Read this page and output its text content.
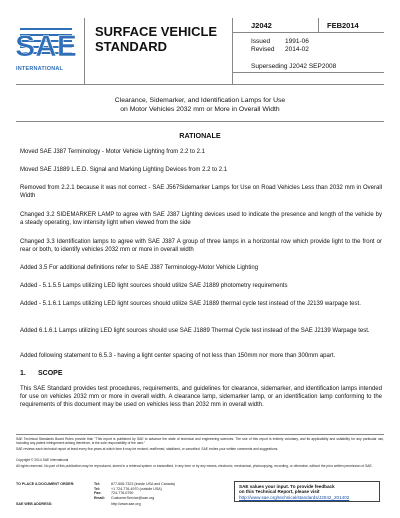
SAE
INTERNATIONAL
SURFACE VEHICLE
STANDARD
J2042	FEB2014
Issued 1991-06
Revised 2014-02
Superseding J2042 SEP2008
Clearance, Sidemarker, and Identification Lamps for Use
on Motor Vehicles 2032 mm or More in Overall Width
RATIONALE
Moved SAE J387 Terminology - Motor Vehicle Lighting from 2.2 to 2.1
Moved SAE J1889 L.E.D. Signal and Marking Lighting Devices from 2.2 to 2.1
Removed from 2.2.1 because it was not correct - SAE J567Sidemarker Lamps for Use on Road Vehicles Less than 2032 mm in Overall Width
Changed 3.2 SIDEMARKER LAMP to agree with SAE J387 Lighting devices used to indicate the presence and length of the vehicle by a steady operating, low intensity light when viewed from the side
Changed 3.3 Identification lamps to agree with SAE J387 A group of three lamps in a horizontal row which provide light to the front or rear or both, to identify vehicles 2032 mm or more in overall width
Added 3.5 For additional definitions refer to SAE J387 Terminology-Motor Vehicle Lighting
Added - 5.1.5.5 Lamps utilizing LED light sources should utilize SAE J1889 photometry requirements
Added - 5.1.6.1 Lamps utilizing LED light sources should utilize SAE J1889 thermal cycle test instead of the J2139 warpage test.
Added 6.1.6.1 Lamps utilizing LED light sources should use SAE J1889 Thermal Cycle test instead of the SAE J2139 Warpage test.
Added following statement to 6.5.3 - having a light center spacing of not less than 150mm nor more than 300mm apart.
1. SCOPE
This SAE Standard provides test procedures, requirements, and guidelines for clearance, sidemarker, and identification lamps intended for use on vehicles 2032 mm or more in overall width. A clearance lamp, sidemarker lamp, or an identification lamp conforming to the requirements of this document may be used on vehicles less than 2032 mm in overall width.
SAE Technical Standards Board Rules provide that: "This report is published by SAE to advance the state of technical and engineering sciences. The use of this report is entirely voluntary, and its applicability and suitability for any particular use, including any patent infringement arising therefrom, is the sole responsibility of the user."
SAE reviews each technical report at least every five years at which time it may be revised, reaffirmed, stabilized, or cancelled. SAE invites your written comments and suggestions.
Copyright © 2014 SAE International
All rights reserved. No part of this publication may be reproduced, stored in a retrieval system or transmitted, in any form or by any means, electronic, mechanical, photocopying, recording, or otherwise, without the prior written permission of SAE.
TO PLACE A DOCUMENT ORDER:	Tel:	877-606-7323 (inside USA and Canada)
Tel:	+1 724-776-4970 (outside USA)
Fax:	724-776-0790
Email: CustomerService@sae.org
SAE WEB ADDRESS:	http://www.sae.org
SAE values your input. To provide feedback
on this Technical Report, please visit
http://www.sae.org/technical/standards/J2042_201402
